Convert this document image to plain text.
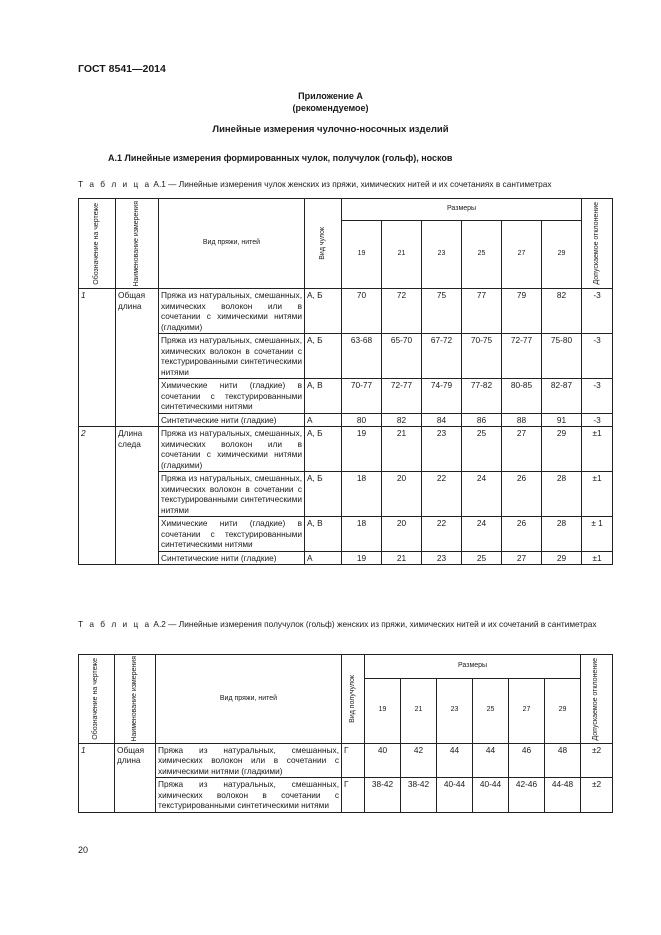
ГОСТ 8541—2014
Приложение А
(рекомендуемое)
Линейные измерения чулочно-носочных изделий
А.1 Линейные измерения формированных чулок, получулок (гольф), носков
Т а б л и ц а А.1 — Линейные измерения чулок женских из пряжи, химических нитей и их сочетаниях в сантиметрах
Обозначение на чертеже	Наименование измерения	Вид пряжи, нитей	Вид чулок	Размеры						Допускаемое отклонение

				19	21	23	25	27	29	
1	Общая длина	Пряжа из натуральных, смешанных, химических волокон или в сочетании с химическими нитями (гладкими)	А, Б	70	72	75	77	79	82	-3
		Пряжа из натуральных, смешанных, химических волокон в сочетании с текстурированными синтетическими нитями	А, Б	63-68	65-70	67-72	70-75	72-77	75-80	-3
		Химические нити (гладкие) в сочетании с текстурированными синтетическими нитями	А, В	70-77	72-77	74-79	77-82	80-85	82-87	-3
		Синтетические нити (гладкие)	А	80	82	84	86	88	91	-3
2	Длина следа	Пряжа из натуральных, смешанных, химических волокон или в сочетании с химическими нитями (гладкими)	А, Б	19	21	23	25	27	29	±1
		Пряжа из натуральных, смешанных, химических волокон в сочетании с текстурированными синтетическими нитями	А, Б	18	20	22	24	26	28	±1
		Химические нити (гладкие) в сочетании с текстурированными синтетическими нитями	А, В	18	20	22	24	26	28	± 1
		Синтетические нити (гладкие)	А	19	21	23	25	27	29	±1
Т а б л и ц а А.2 — Линейные измерения получулок (гольф) женских из пряжи, химических нитей и их сочетаний в сантиметрах
Обозначение на чертеже	Наименование измерения	Вид пряжи, нитей	Вид получулок	Размеры						Допускаемое отклонение

				19	21	23	25	27	29	
1	Общая длина	Пряжа из натуральных, смешанных, химических волокон или в сочетании с химическими нитями (гладкими)	Г	40	42	44	44	46	48	±2
		Пряжа из натуральных, смешанных, химических волокон в сочетании с текстурированными синтетическими нитями	Г	38-42	38-42	40-44	40-44	42-46	44-48	±2
20
